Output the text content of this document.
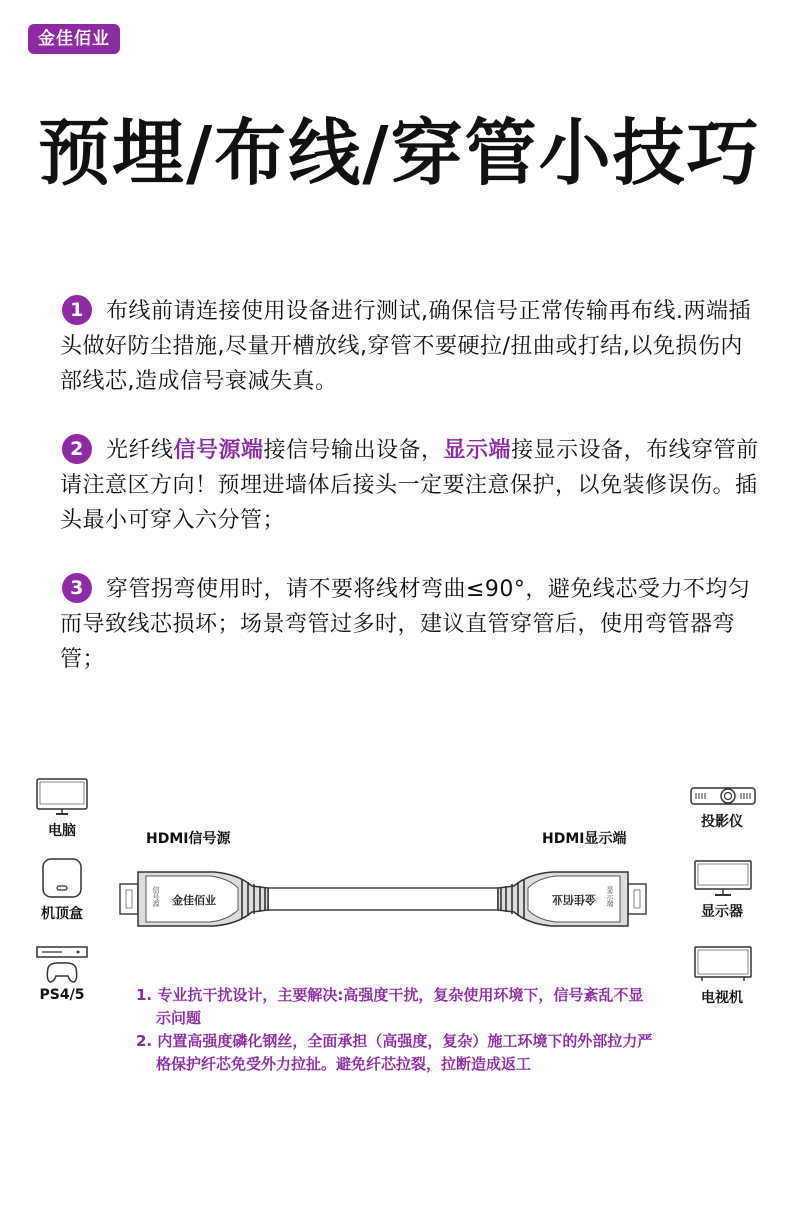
金佳佰业
预埋/布线/穿管小技巧
1 布线前请连接使用设备进行测试,确保信号正常传输再布线.两端插头做好防尘措施,尽量开槽放线,穿管不要硬拉/扭曲或打结,以免损伤内部线芯,造成信号衰减失真。
2 光纤线信号源端接信号输出设备，显示端接显示设备，布线穿管前请注意区方向！预埋进墙体后接头一定要注意保护，以免装修误伤。插头最小可穿入六分管；
3 穿管拐弯使用时，请不要将线材弯曲≤90°，避免线芯受力不均匀而导致线芯损坏；场景弯管过多时，建议直管穿管后，使用弯管器弯管；
电脑
机顶盒
PS4/5
投影仪
显示器
电视机
HDMI信号源	HDMI显示端
金佳佰业
信号源	金佳佰业 显示端

1. 专业抗干扰设计，主要解决:高强度干扰，复杂使用环境下，信号紊乱不显示问题

2. 内置高强度磷化钢丝，全面承担（高强度，复杂）施工环境下的外部拉力严格保护纤芯免受外力拉扯。避免纤芯拉裂，拉断造成返工
